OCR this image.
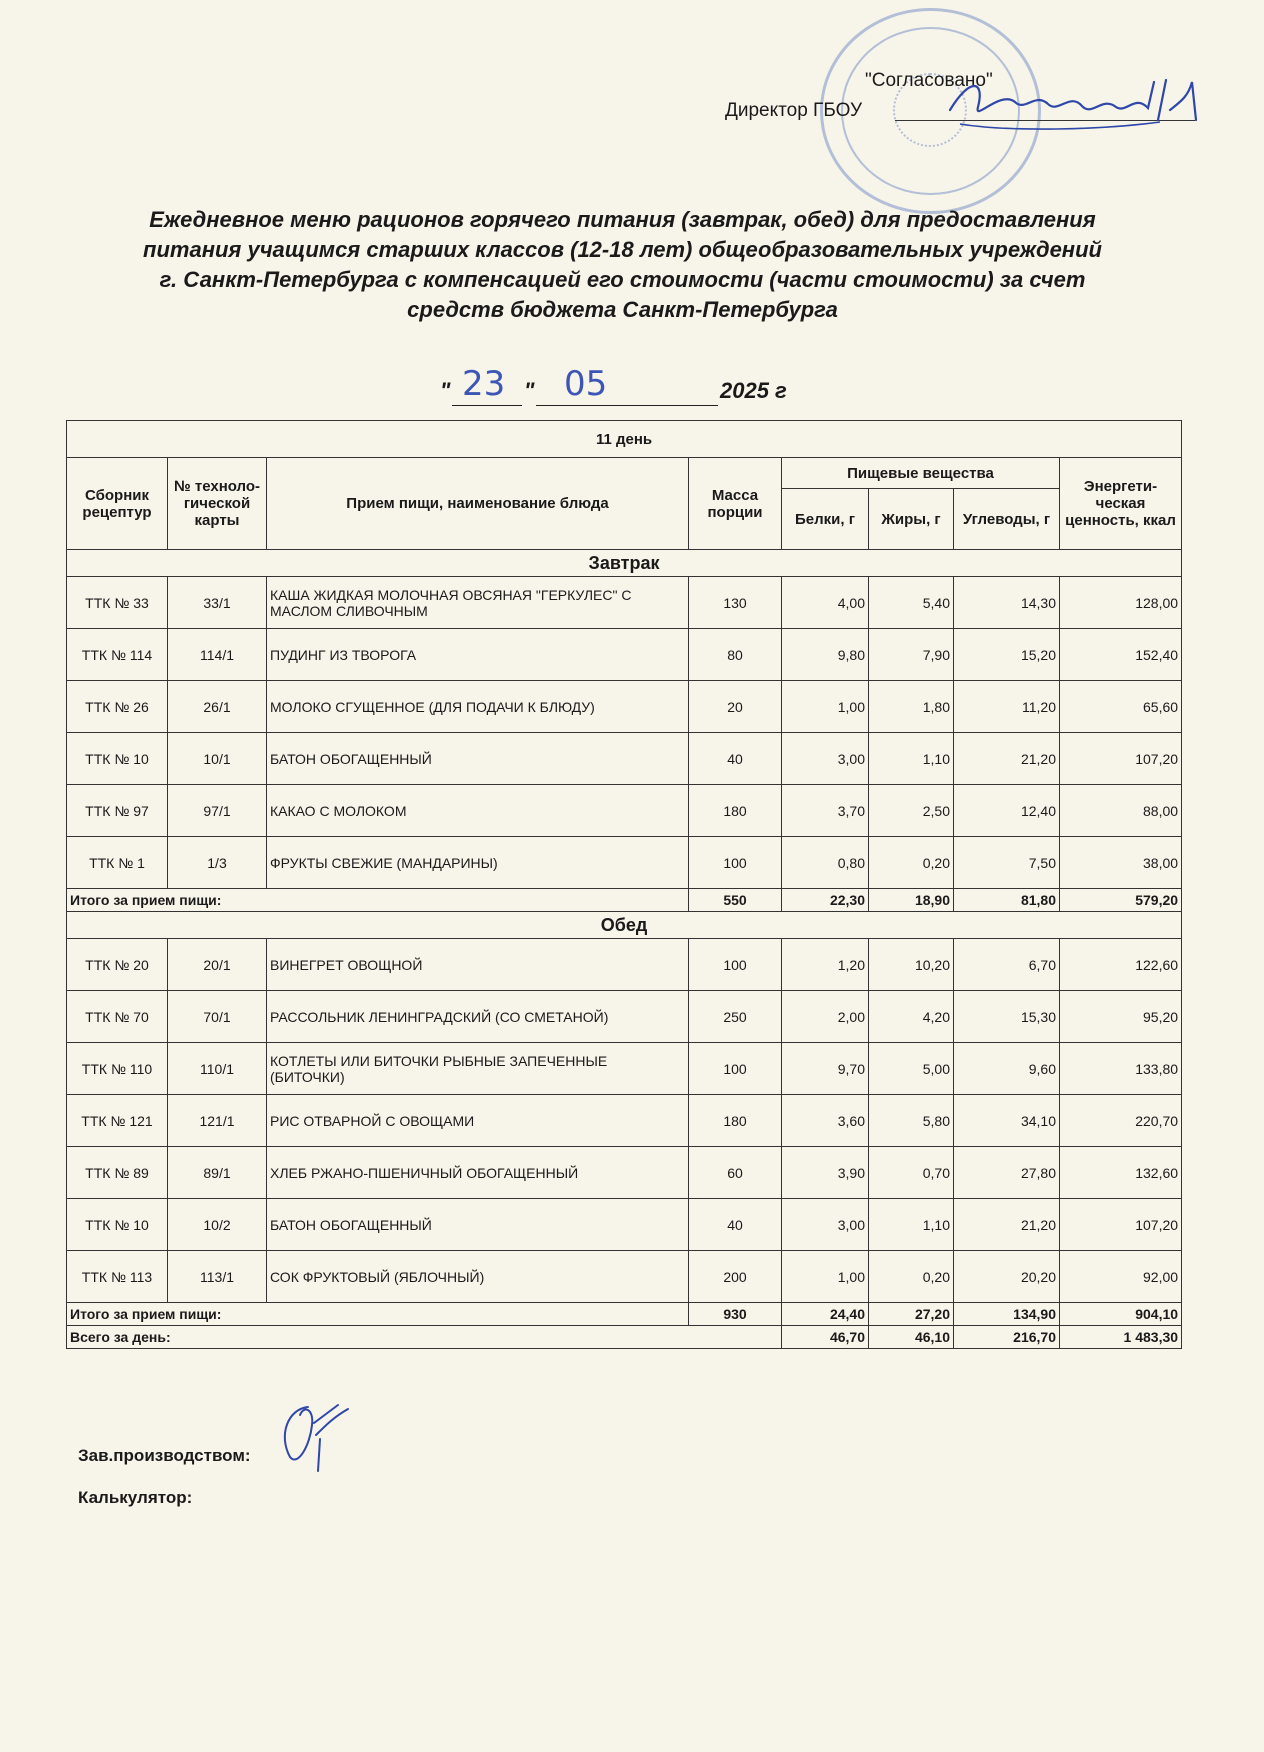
"Согласовано"
Директор ГБОУ
Ежедневное меню рационов горячего питания (завтрак, обед) для предоставления
питания учащимся старших классов (12-18 лет) общеобразовательных учреждений
г. Санкт-Петербурга с компенсацией его стоимости (части стоимости) за счет
средств бюджета Санкт-Петербурга
" 23 " 05	2025 г
11 день							
Сборник рецептур	№ техноло-гической карты	Прием пищи, наименование блюда	Масса порции	Пищевые вещества			Энергети-ческая ценность, ккал
				Белки, г	Жиры, г	Углеводы, г	
Завтрак							
ТТК № 33	33/1	КАША ЖИДКАЯ МОЛОЧНАЯ ОВСЯНАЯ "ГЕРКУЛЕС" С МАСЛОМ СЛИВОЧНЫМ	130	4,00	5,40	14,30	128,00
ТТК № 114	114/1	ПУДИНГ ИЗ ТВОРОГА	80	9,80	7,90	15,20	152,40
ТТК № 26	26/1	МОЛОКО СГУЩЕННОЕ (ДЛЯ ПОДАЧИ К БЛЮДУ)	20	1,00	1,80	11,20	65,60
ТТК № 10	10/1	БАТОН ОБОГАЩЕННЫЙ	40	3,00	1,10	21,20	107,20
ТТК № 97	97/1	КАКАО С МОЛОКОМ	180	3,70	2,50	12,40	88,00
ТТК № 1	1/3	ФРУКТЫ СВЕЖИЕ (МАНДАРИНЫ)	100	0,80	0,20	7,50	38,00
Итого за прием пищи:			550	22,30	18,90	81,80	579,20
Обед							
ТТК № 20	20/1	ВИНЕГРЕТ ОВОЩНОЙ	100	1,20	10,20	6,70	122,60
ТТК № 70	70/1	РАССОЛЬНИК ЛЕНИНГРАДСКИЙ (СО СМЕТАНОЙ)	250	2,00	4,20	15,30	95,20
ТТК № 110	110/1	КОТЛЕТЫ ИЛИ БИТОЧКИ РЫБНЫЕ ЗАПЕЧЕННЫЕ (БИТОЧКИ)	100	9,70	5,00	9,60	133,80
ТТК № 121	121/1	РИС ОТВАРНОЙ С ОВОЩАМИ	180	3,60	5,80	34,10	220,70
ТТК № 89	89/1	ХЛЕБ РЖАНО-ПШЕНИЧНЫЙ ОБОГАЩЕННЫЙ	60	3,90	0,70	27,80	132,60
ТТК № 10	10/2	БАТОН ОБОГАЩЕННЫЙ	40	3,00	1,10	21,20	107,20
ТТК № 113	113/1	СОК ФРУКТОВЫЙ (ЯБЛОЧНЫЙ)	200	1,00	0,20	20,20	92,00
Итого за прием пищи:			930	24,40	27,20	134,90	904,10
Всего за день:				46,70	46,10	216,70	1 483,30
Зав.производством:
Калькулятор:
